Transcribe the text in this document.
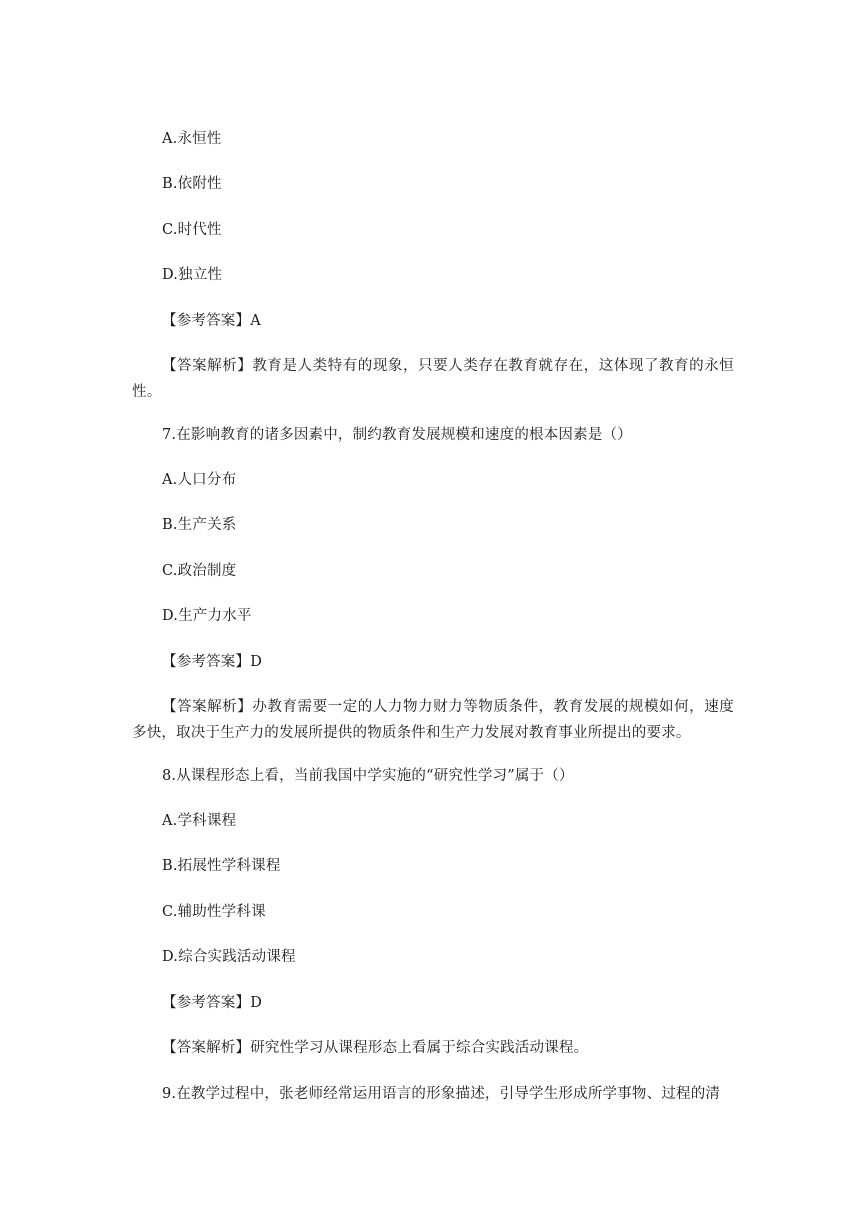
A.永恒性
B.依附性
C.时代性
D.独立性
【参考答案】A
【答案解析】教育是人类特有的现象，只要人类存在教育就存在，这体现了教育的永恒性。
7.在影响教育的诸多因素中，制约教育发展规模和速度的根本因素是（）
A.人口分布
B.生产关系
C.政治制度
D.生产力水平
【参考答案】D
【答案解析】办教育需要一定的人力物力财力等物质条件，教育发展的规模如何，速度多快，取决于生产力的发展所提供的物质条件和生产力发展对教育事业所提出的要求。
8.从课程形态上看，当前我国中学实施的“研究性学习”属于（）
A.学科课程
B.拓展性学科课程
C.辅助性学科课
D.综合实践活动课程
【参考答案】D
【答案解析】研究性学习从课程形态上看属于综合实践活动课程。
9.在教学过程中，张老师经常运用语言的形象描述，引导学生形成所学事物、过程的清
